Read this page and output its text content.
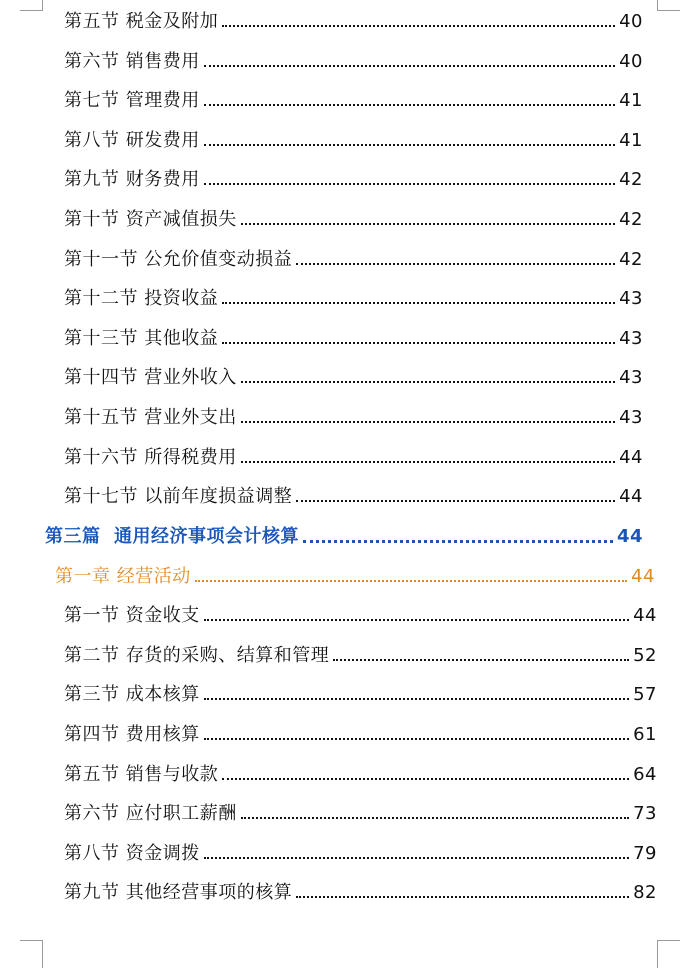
第五节 税金及附加	40
第六节 销售费用	40
第七节 管理费用	41
第八节 研发费用	41
第九节 财务费用	42
第十节 资产减值损失	42
第十一节 公允价值变动损益	42
第十二节 投资收益	43
第十三节 其他收益	43
第十四节 营业外收入	43
第十五节 营业外支出	43
第十六节 所得税费用	44
第十七节 以前年度损益调整	44
第三篇 通用经济事项会计核算	44
第一章 经营活动	44
第一节 资金收支	44
第二节 存货的采购、结算和管理	52
第三节 成本核算	57
第四节 费用核算	61
第五节 销售与收款	64
第六节 应付职工薪酬	73
第八节 资金调拨	79
第九节 其他经营事项的核算	82
